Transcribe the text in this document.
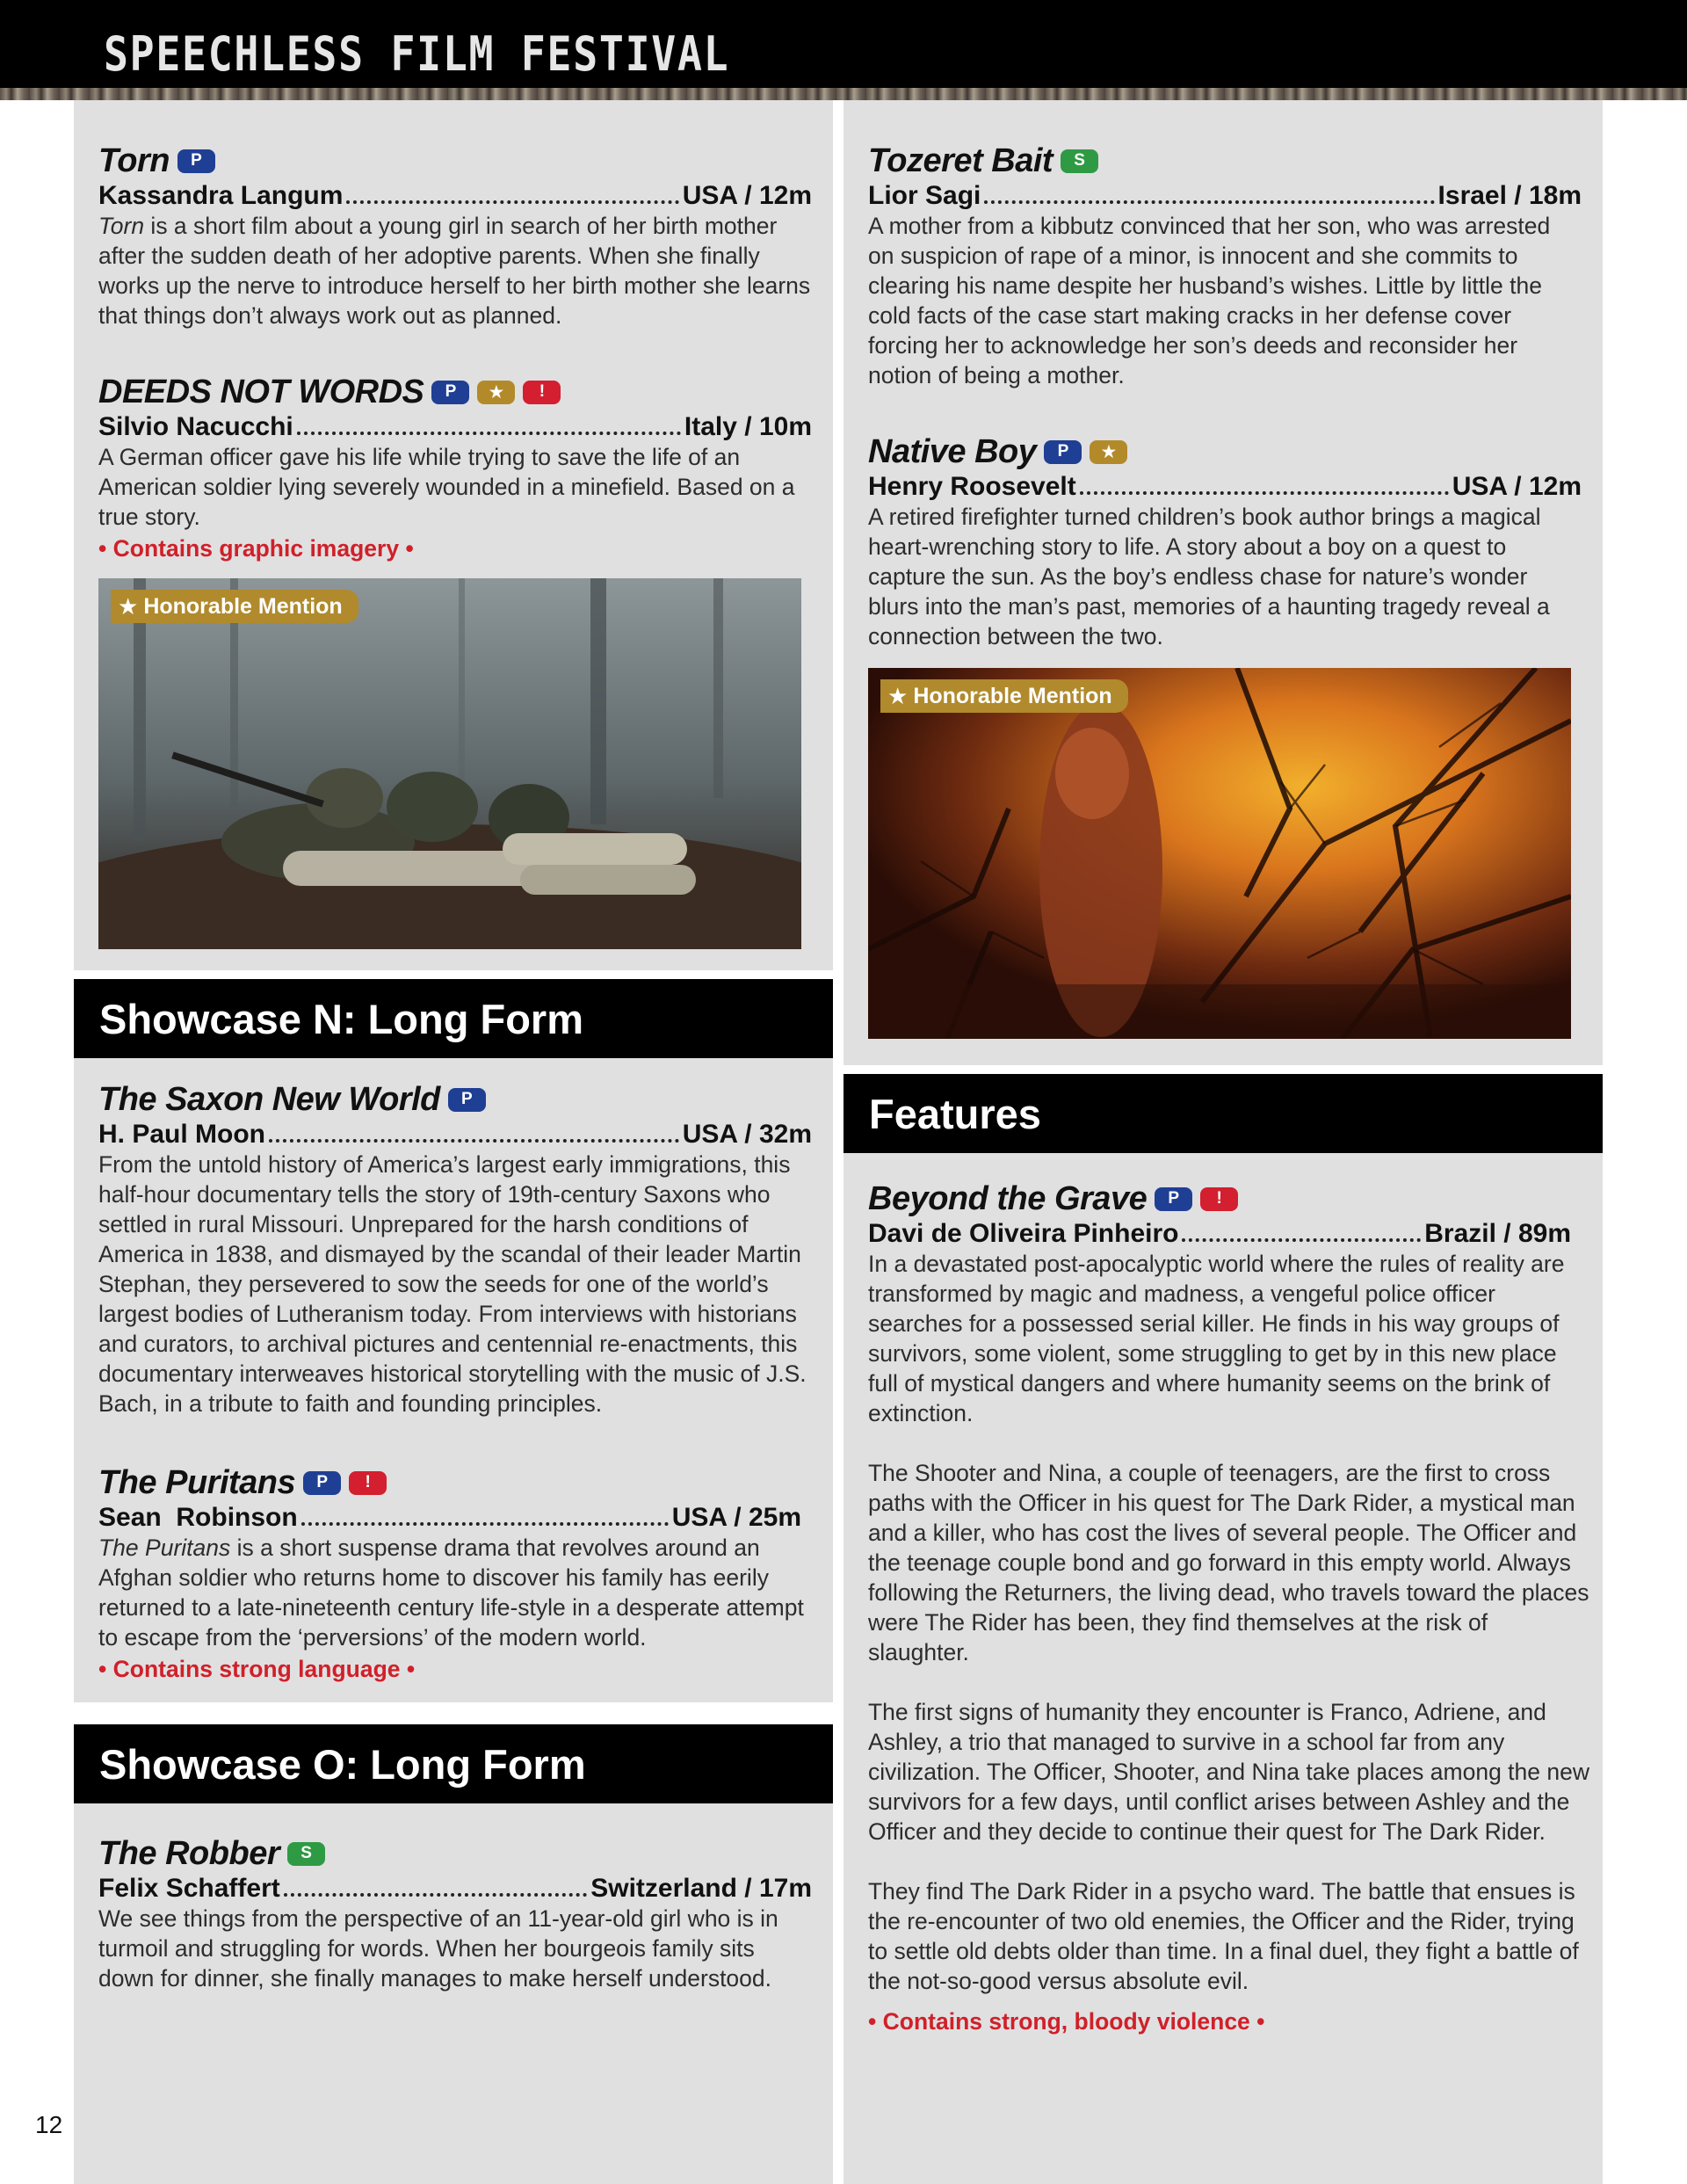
SPEECHLESS FILM FESTIVAL
Torn	P
Kassandra Langum	USA / 12m
Torn is a short film about a young girl in search of her birth mother after the sudden death of her adoptive parents. When she finally works up the nerve to introduce herself to her birth mother she learns that things don’t always work out as planned.
DEEDS NOT WORDS	P	★	!
Silvio Nacucchi	Italy / 10m
A German officer gave his life while trying to save the life of an American soldier lying severely wounded in a minefield. Based on a true story.
• Contains graphic imagery •
★ Honorable Mention
Showcase N: Long Form
The Saxon New World	P
H. Paul Moon	USA / 32m
From the untold history of America’s largest early immigrations, this half-hour documentary tells the story of 19th-century Saxons who settled in rural Missouri. Unprepared for the harsh conditions of America in 1838, and dismayed by the scandal of their leader Martin Stephan, they persevered to sow the seeds for one of the world’s largest bodies of Lutheranism today. From interviews with historians and curators, to archival pictures and centennial re-enactments, this documentary interweaves historical storytelling with the music of J.S. Bach, in a tribute to faith and founding principles.
The Puritans	P	!
Sean  Robinson	USA / 25m
The Puritans is a short suspense drama that revolves around an Afghan soldier who returns home to discover his family has eerily returned to a late-nineteenth century life-style in a desperate attempt to escape from the ‘perversions’ of the modern world.
• Contains strong language •
Showcase O: Long Form
The Robber	S
Felix Schaffert	Switzerland / 17m
We see things from the perspective of an 11-year-old girl who is in turmoil and struggling for words. When her bourgeois family sits down for dinner, she finally manages to make herself understood.
Tozeret Bait	S
Lior Sagi	Israel / 18m
A mother from a kibbutz convinced that her son, who was arrested on suspicion of rape of a minor, is innocent and she commits to clearing his name despite her husband’s wishes. Little by little the cold facts of the case start making cracks in her defense cover forcing her to acknowledge her son’s deeds and reconsider her notion of being a mother.
Native Boy	P	★
Henry Roosevelt	USA / 12m
A retired firefighter turned children’s book author brings a magical heart-wrenching story to life. A story about a boy on a quest to capture the sun. As the boy’s endless chase for nature’s wonder blurs into the man’s past, memories of a haunting tragedy reveal a connection between the two.
★ Honorable Mention
Features
Beyond the Grave	P	!
Davi de Oliveira Pinheiro	Brazil / 89m
In a devastated post-apocalyptic world where the rules of reality are transformed by magic and madness, a vengeful police officer searches for a possessed serial killer. He finds in his way groups of survivors, some violent, some struggling to get by in this new place full of mystical dangers and where humanity seems on the brink of extinction.
The Shooter and Nina, a couple of teenagers, are the first to cross paths with the Officer in his quest for The Dark Rider, a mystical man and a killer, who has cost the lives of several people. The Officer and the teenage couple bond and go forward in this empty world. Always following the Returners, the living dead, who travels toward the places were The Rider has been, they find themselves at the risk of slaughter.
The first signs of humanity they encounter is Franco, Adriene, and Ashley, a trio that managed to survive in a school far from any civilization. The Officer, Shooter, and Nina take places among the new survivors for a few days, until conflict arises between Ashley and the Officer and they decide to continue their quest for The Dark Rider.
They find The Dark Rider in a psycho ward. The battle that ensues is the re-encounter of two old enemies, the Officer and the Rider, trying to settle old debts older than time. In a final duel, they fight a battle of the not-so-good versus absolute evil.
• Contains strong, bloody violence •
12
